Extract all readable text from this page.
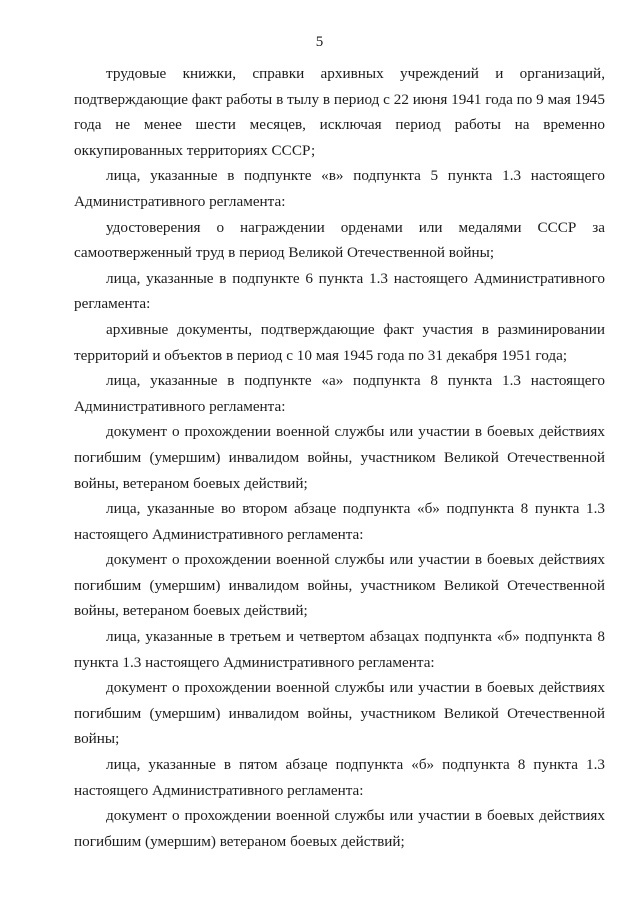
5

трудовые книжки, справки архивных учреждений и организаций, подтверждающие факт работы в тылу в период с 22 июня 1941 года по 9 мая 1945 года не менее шести месяцев, исключая период работы на временно оккупированных территориях СССР;

лица, указанные в подпункте «в» подпункта 5 пункта 1.3 настоящего Административного регламента:

удостоверения о награждении орденами или медалями СССР за самоотверженный труд в период Великой Отечественной войны;

лица, указанные в подпункте 6 пункта 1.3 настоящего Административного регламента:

архивные документы, подтверждающие факт участия в разминировании территорий и объектов в период с 10 мая 1945 года по 31 декабря 1951 года;

лица, указанные в подпункте «а» подпункта 8 пункта 1.3 настоящего Административного регламента:

документ о прохождении военной службы или участии в боевых действиях погибшим (умершим) инвалидом войны, участником Великой Отечественной войны, ветераном боевых действий;

лица, указанные во втором абзаце подпункта «б» подпункта 8 пункта 1.3 настоящего Административного регламента:

документ о прохождении военной службы или участии в боевых действиях погибшим (умершим) инвалидом войны, участником Великой Отечественной войны, ветераном боевых действий;

лица, указанные в третьем и четвертом абзацах подпункта «б» подпункта 8 пункта 1.3 настоящего Административного регламента:

документ о прохождении военной службы или участии в боевых действиях погибшим (умершим) инвалидом войны, участником Великой Отечественной войны;

лица, указанные в пятом абзаце подпункта «б» подпункта 8 пункта 1.3 настоящего Административного регламента:

документ о прохождении военной службы или участии в боевых действиях погибшим (умершим) ветераном боевых действий;
